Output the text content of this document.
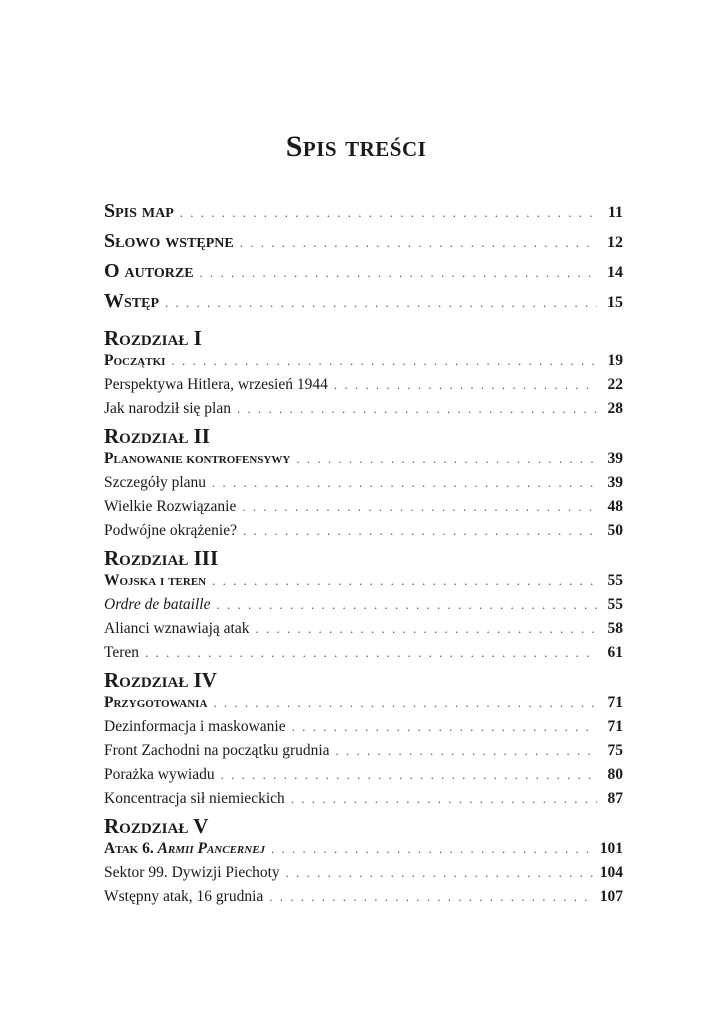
Spis treści
Spis map . . .	11
Słowo wstępne . . .	12
O autorze . . .	14
Wstęp . . .	15
Rozdział I
Początki . . .	19
Perspektywa Hitlera, wrzesień 1944 . . .	22
Jak narodził się plan . . .	28
Rozdział II
Planowanie kontrofensywy . . .	39
Szczegóły planu . . .	39
Wielkie Rozwiązanie . . .	48
Podwójne okrążenie? . . .	50
Rozdział III
Wojska i teren . . .	55
Ordre de bataille . . .	55
Alianci wznawiają atak . . .	58
Teren . . .	61
Rozdział IV
Przygotowania . . .	71
Dezinformacja i maskowanie . . .	71
Front Zachodni na początku grudnia . . .	75
Porażka wywiadu . . .	80
Koncentracja sił niemieckich . . .	87
Rozdział V
Atak 6. Armii Pancernej . . .	101
Sektor 99. Dywizji Piechoty . . .	104
Wstępny atak, 16 grudnia . . .	107
